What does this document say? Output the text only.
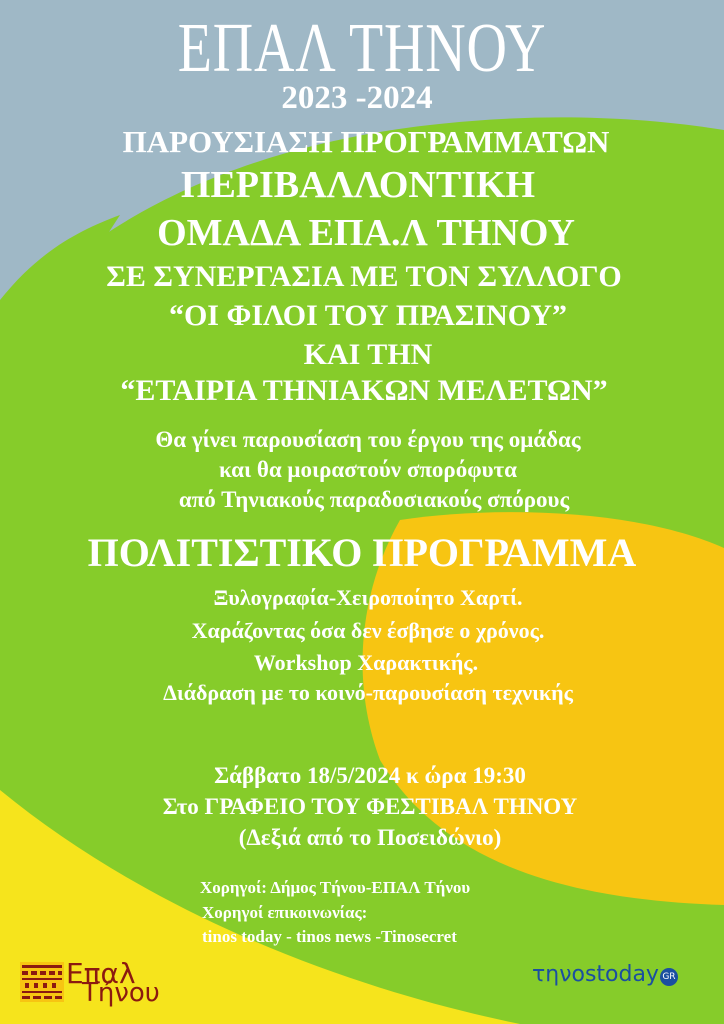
ΕΠΑΛ ΤΗΝΟΥ
2023 -2024
ΠΑΡΟΥΣΙΑΣΗ ΠΡΟΓΡΑΜΜΑΤΩΝ
ΠΕΡΙΒΑΛΛΟΝΤΙΚΗ
ΟΜΑΔΑ ΕΠΑ.Λ ΤΗΝΟΥ
ΣΕ ΣΥΝΕΡΓΑΣΙΑ ΜΕ ΤΟΝ ΣΥΛΛΟΓΟ
“ΟΙ ΦΙΛΟΙ ΤΟΥ ΠΡΑΣΙΝΟΥ”
ΚΑΙ ΤΗΝ
“ΕΤΑΙΡΙΑ ΤΗΝΙΑΚΩΝ ΜΕΛΕΤΩΝ”
Θα γίνει παρουσίαση του έργου της ομάδας
και θα μοιραστούν σπορόφυτα
από Τηνιακούς παραδοσιακούς σπόρους
ΠΟΛΙΤΙΣΤΙΚΟ ΠΡΟΓΡΑΜΜΑ
Ξυλογραφία-Χειροποίητο Χαρτί.
Χαράζοντας όσα δεν έσβησε ο χρόνος.
Workshop Χαρακτικής.
Διάδραση με το κοινό-παρουσίαση τεχνικής
Σάββατο 18/5/2024 κ ώρα 19:30
Στο ΓΡΑΦΕΙΟ ΤΟΥ ΦΕΣΤΙΒΑΛ ΤΗΝΟΥ
(Δεξιά από το Ποσειδώνιο)
Χορηγοί: Δήμος Τήνου-ΕΠΑΛ Τήνου
Χορηγοί επικοινωνίας:
tinos today - tinos news -Tinosecret
Επαλ
Τήνου
τηνοstoday GR
